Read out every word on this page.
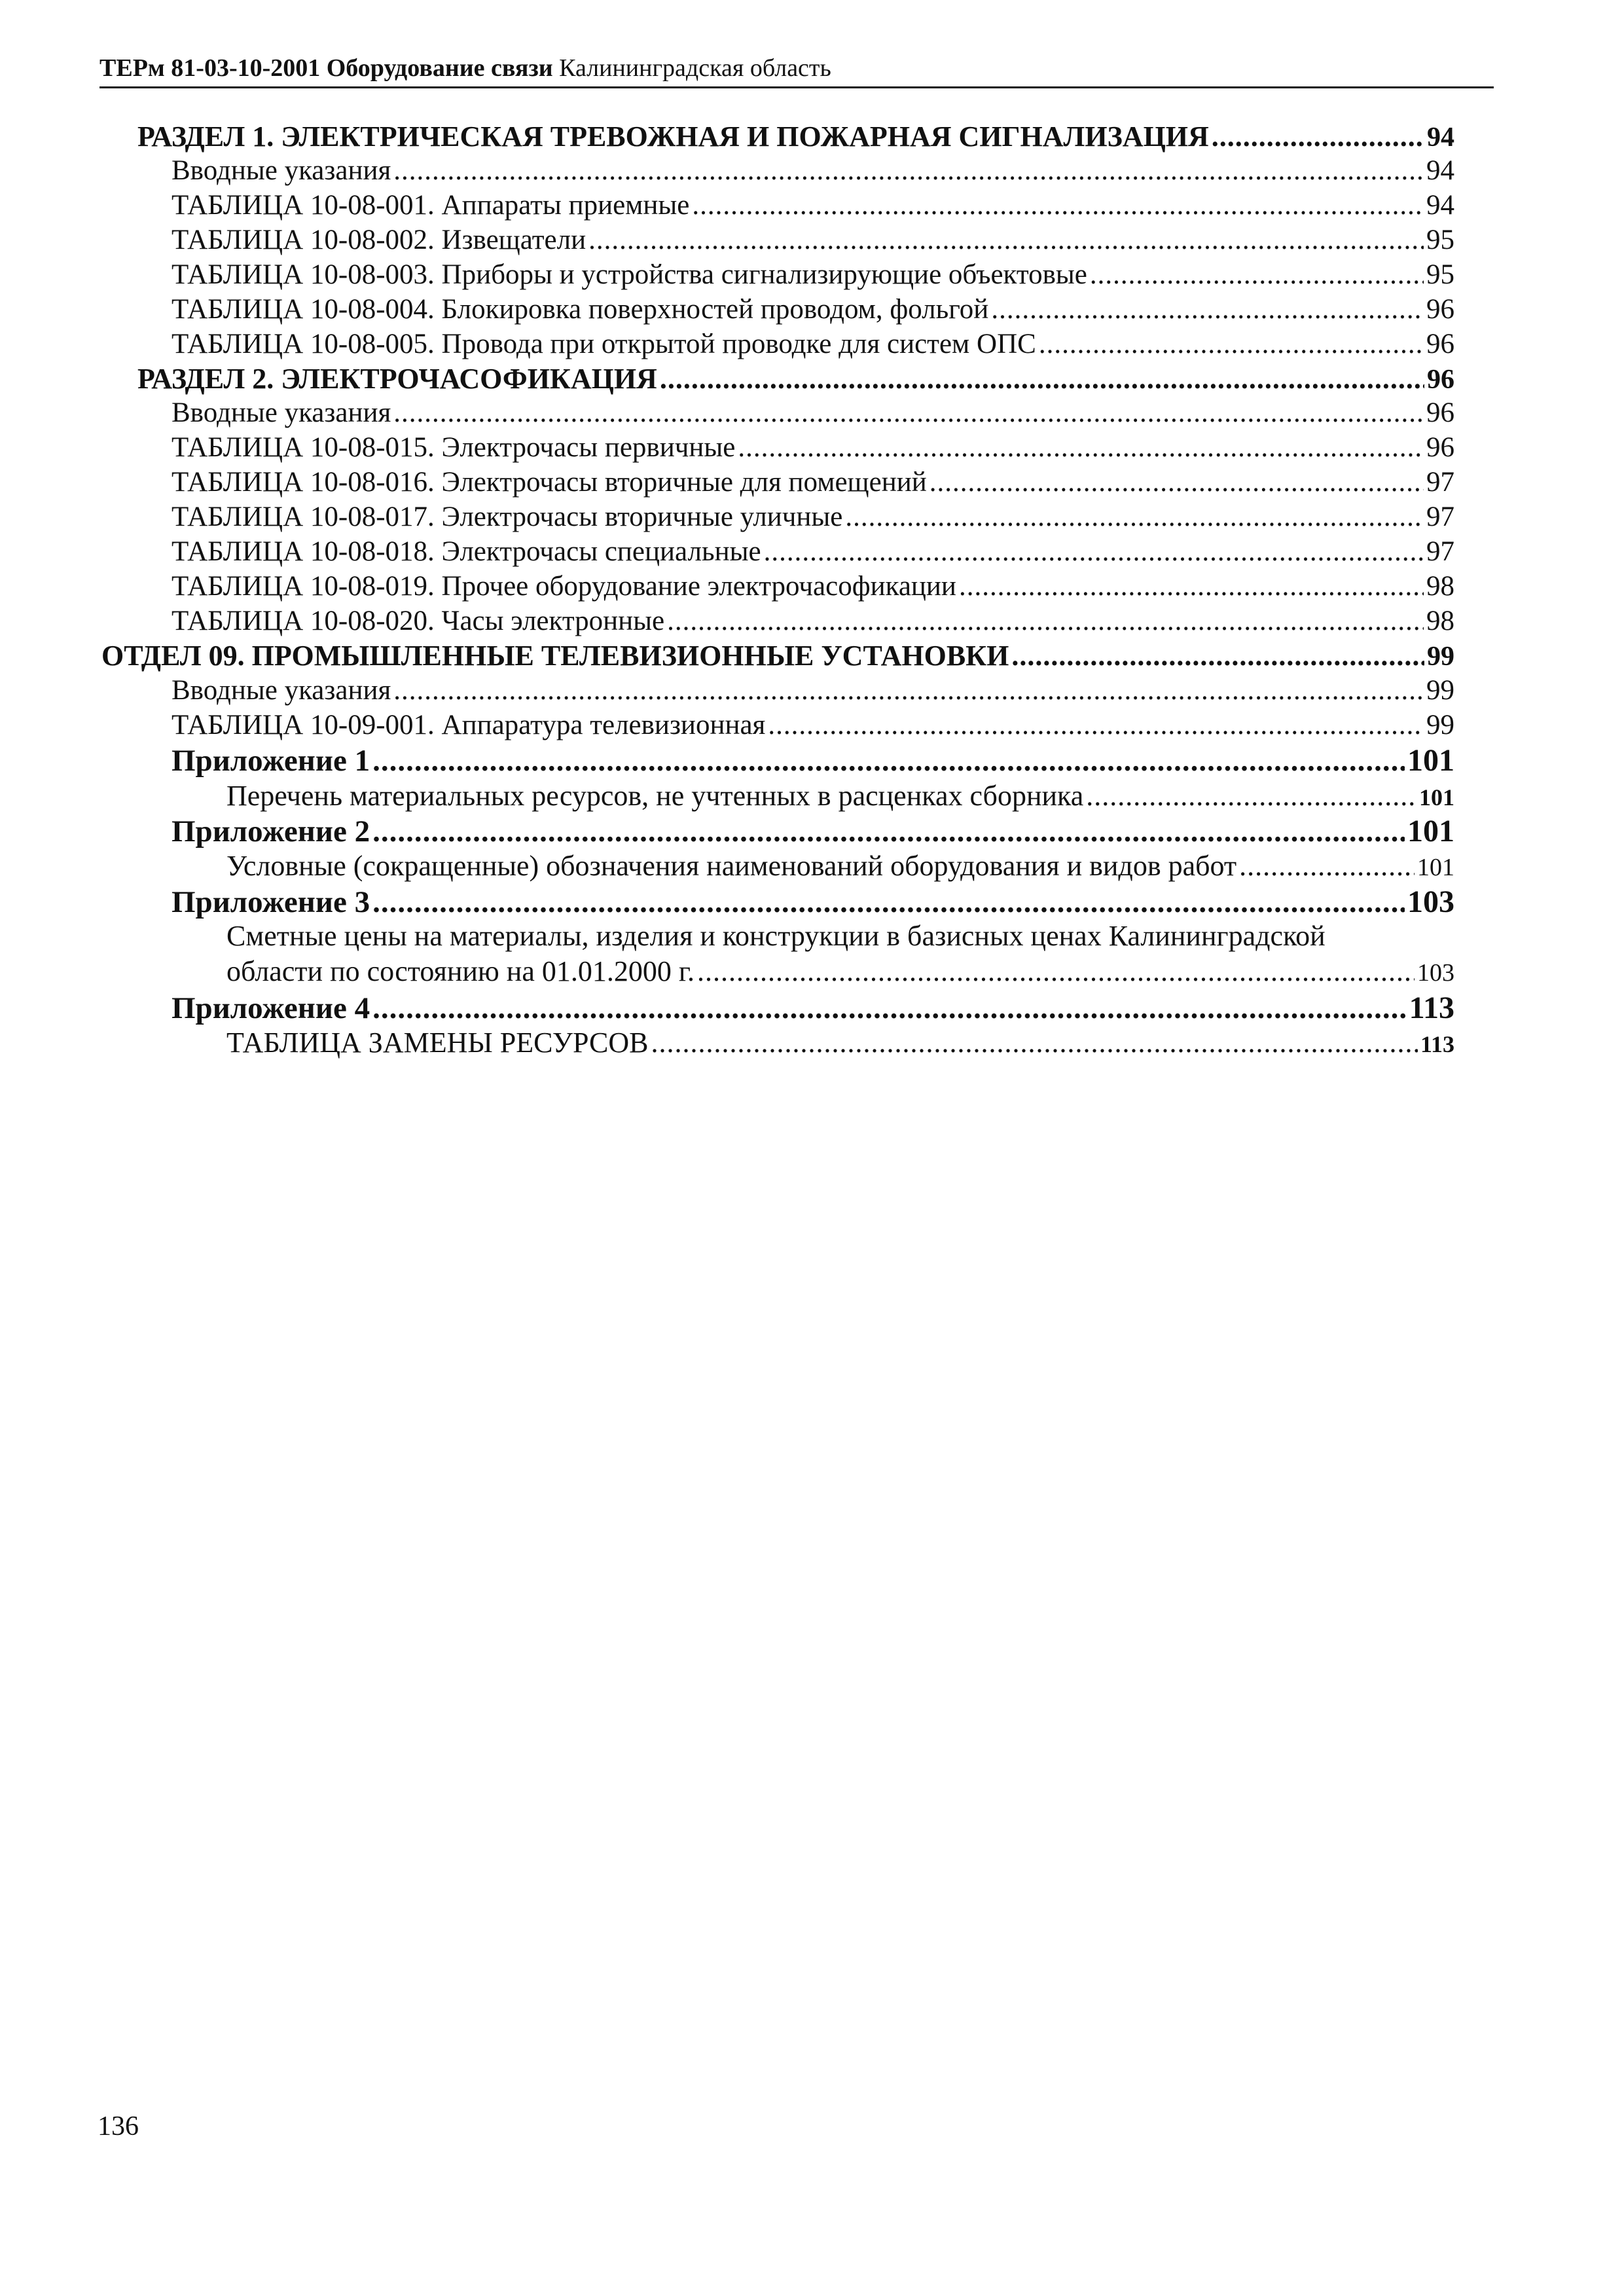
ТЕРм 81-03-10-2001 Оборудование связи Калининградская область
РАЗДЕЛ 1. ЭЛЕКТРИЧЕСКАЯ ТРЕВОЖНАЯ И ПОЖАРНАЯ СИГНАЛИЗАЦИЯ .....	94
Вводные указания .....	94
ТАБЛИЦА 10-08-001. Аппараты приемные .....	94
ТАБЛИЦА 10-08-002. Извещатели .....	95
ТАБЛИЦА 10-08-003. Приборы и устройства сигнализирующие объектовые .....	95
ТАБЛИЦА 10-08-004. Блокировка поверхностей проводом, фольгой .....	96
ТАБЛИЦА 10-08-005. Провода при открытой проводке для систем ОПС .....	96
РАЗДЕЛ 2. ЭЛЕКТРОЧАСОФИКАЦИЯ .....	96
Вводные указания .....	96
ТАБЛИЦА 10-08-015. Электрочасы первичные .....	96
ТАБЛИЦА 10-08-016. Электрочасы вторичные для помещений .....	97
ТАБЛИЦА 10-08-017. Электрочасы вторичные уличные .....	97
ТАБЛИЦА 10-08-018. Электрочасы специальные .....	97
ТАБЛИЦА 10-08-019. Прочее оборудование электрочасофикации .....	98
ТАБЛИЦА 10-08-020. Часы электронные .....	98
ОТДЕЛ 09. ПРОМЫШЛЕННЫЕ ТЕЛЕВИЗИОННЫЕ УСТАНОВКИ .....	99
Вводные указания .....	99
ТАБЛИЦА 10-09-001. Аппаратура телевизионная .....	99
Приложение 1 .....	101
Перечень материальных ресурсов, не учтенных в расценках сборника .....	101
Приложение 2 .....	101
Условные (сокращенные) обозначения наименований оборудования и видов работ .....	101
Приложение 3 .....	103
Сметные цены на материалы, изделия и конструкции в базисных ценах Калининградской
области по состоянию на 01.01.2000 г. .....	103
Приложение 4 .....	113
ТАБЛИЦА ЗАМЕНЫ РЕСУРСОВ .....	113
136
